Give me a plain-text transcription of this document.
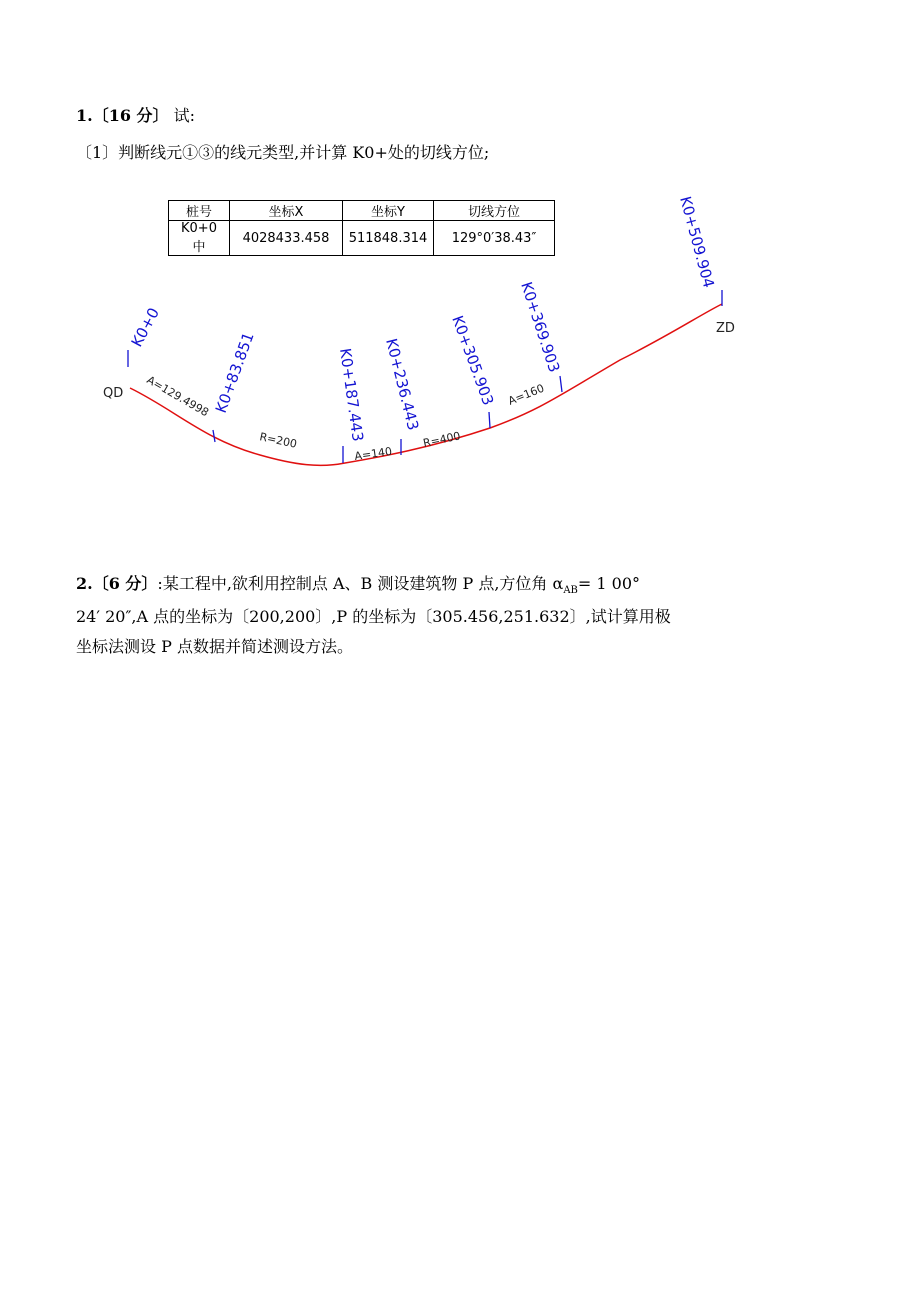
1.〔16 分〕 试:
〔1〕判断线元①③的线元类型,并计算 K0+处的切线方位;
桩号	坐标X	坐标Y	切线方位
K0+0 中	4028433.458	511848.314	129°0′38.43″
QD
ZD
K0+0
K0+83.851	K0+187.443 K0+236.443 K0+305.903 K0+369.903
K0+509.904
A=129.4998
R=200
A=140
R=400
A=160
2.〔6 分〕:某工程中,欲利用控制点 A、B 测设建筑物 P 点,方位角 $\alpha_{AB}= 1$ 00°
24′ 20″,A 点的坐标为〔200,200〕,P 的坐标为〔305.456,251.632〕,试计算用极
坐标法测设 P 点数据并简述测设方法。
